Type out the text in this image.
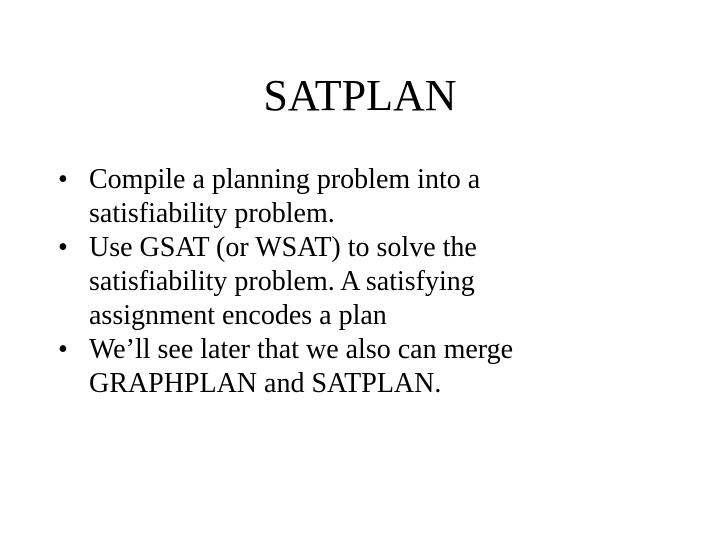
SATPLAN
• Compile a planning problem into a
satisfiability problem.
• Use GSAT (or WSAT) to solve the
satisfiability problem. A satisfying
assignment encodes a plan
• We’ll see later that we also can merge
GRAPHPLAN and SATPLAN.
